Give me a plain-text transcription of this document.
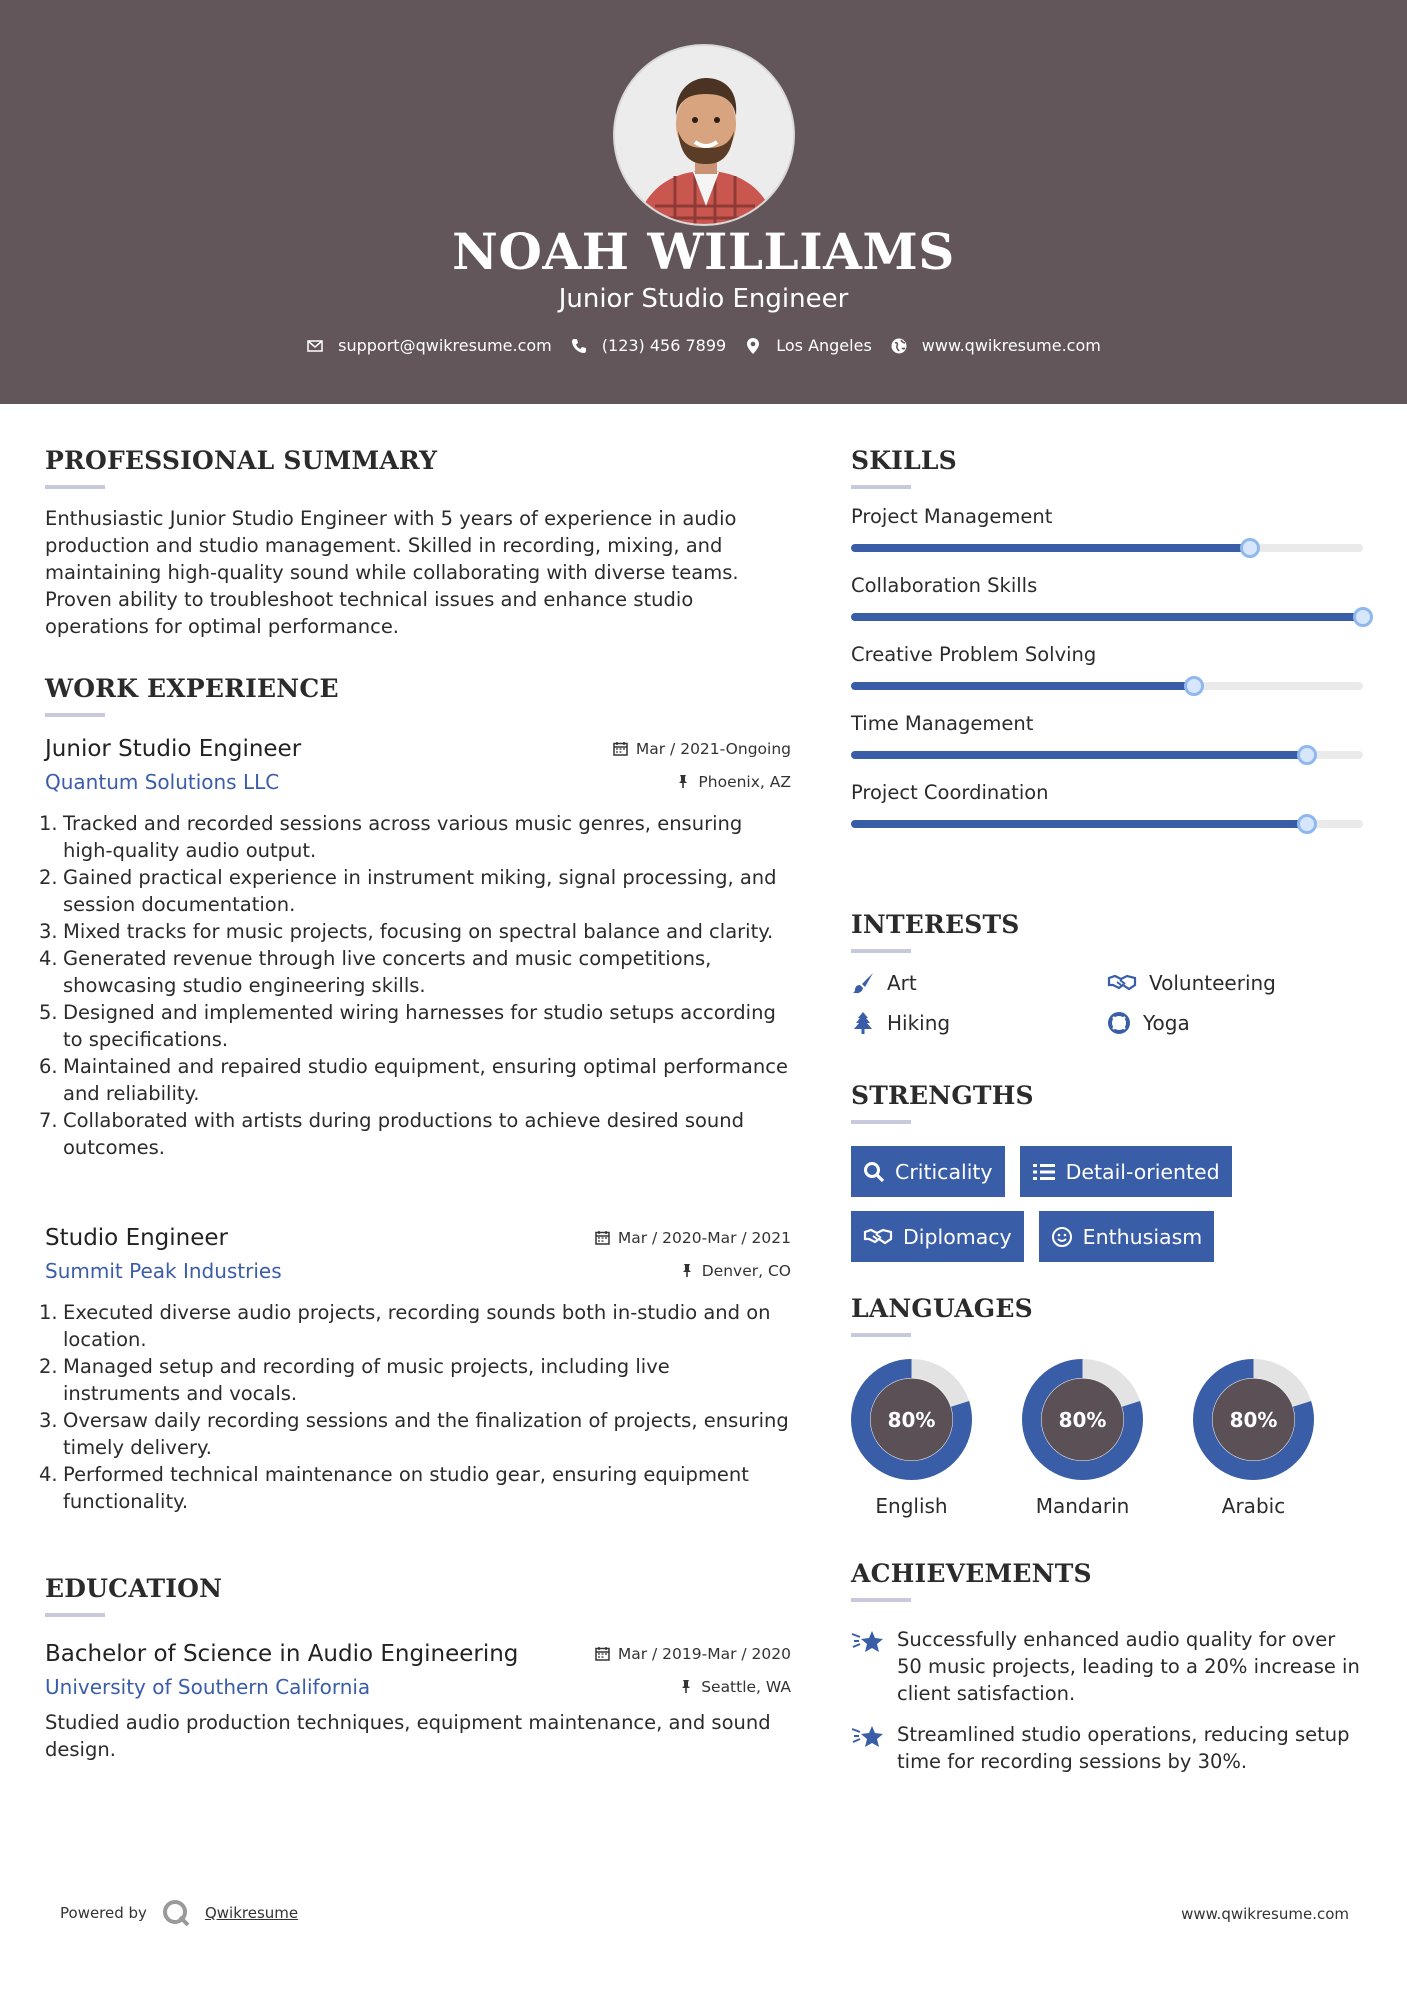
NOAH WILLIAMS
Junior Studio Engineer
support@qwikresume.com	(123) 456 7899	Los Angeles	www.qwikresume.com
PROFESSIONAL SUMMARY
Enthusiastic Junior Studio Engineer with 5 years of experience in audio production and studio management. Skilled in recording, mixing, and maintaining high-quality sound while collaborating with diverse teams. Proven ability to troubleshoot technical issues and enhance studio operations for optimal performance.
WORK EXPERIENCE
Junior Studio Engineer	Mar / 2021-Ongoing
Quantum Solutions LLC	Phoenix, AZ
1. Tracked and recorded sessions across various music genres, ensuring high-quality audio output.
2. Gained practical experience in instrument miking, signal processing, and session documentation.
3. Mixed tracks for music projects, focusing on spectral balance and clarity.
4. Generated revenue through live concerts and music competitions, showcasing studio engineering skills.
5. Designed and implemented wiring harnesses for studio setups according to specifications.
6. Maintained and repaired studio equipment, ensuring optimal performance and reliability.
7. Collaborated with artists during productions to achieve desired sound outcomes.
Studio Engineer	Mar / 2020-Mar / 2021
Summit Peak Industries	Denver, CO
1. Executed diverse audio projects, recording sounds both in-studio and on location.
2. Managed setup and recording of music projects, including live instruments and vocals.
3. Oversaw daily recording sessions and the finalization of projects, ensuring timely delivery.
4. Performed technical maintenance on studio gear, ensuring equipment functionality.
EDUCATION
Bachelor of Science in Audio Engineering	Mar / 2019-Mar / 2020
University of Southern California	Seattle, WA
Studied audio production techniques, equipment maintenance, and sound design.
SKILLS
Project Management
Collaboration Skills
Creative Problem Solving
Time Management
Project Coordination
INTERESTS
Art	Volunteering
Hiking	Yoga
STRENGTHS
Criticality	Detail-oriented
Diplomacy	Enthusiasm
LANGUAGES
80%
English
80%
Mandarin
80%
Arabic
ACHIEVEMENTS
Successfully enhanced audio quality for over 50 music projects, leading to a 20% increase in client satisfaction.
Streamlined studio operations, reducing setup time for recording sessions by 30%.
Powered by	Qwikresume	www.qwikresume.com
